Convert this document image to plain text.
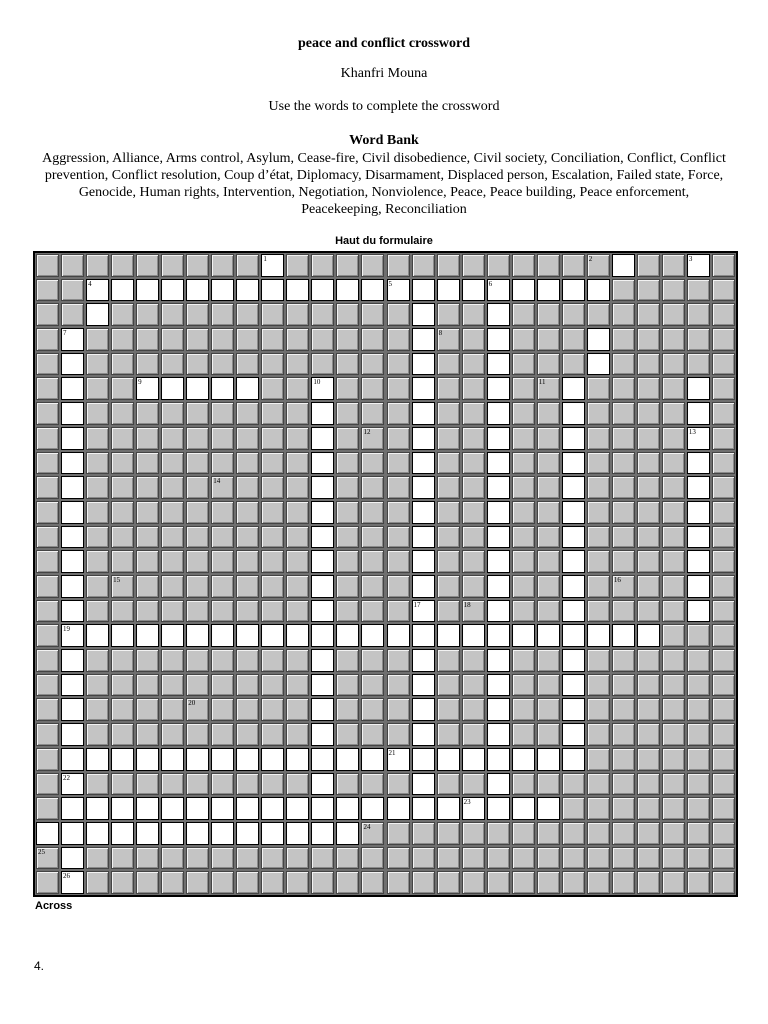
peace and conflict crossword
Khanfri Mouna
Use the words to complete the crossword
Word Bank
Aggression, Alliance, Arms control, Asylum, Cease-fire, Civil disobedience, Civil society, Conciliation, Conflict, Conflict prevention, Conflict resolution, Coup d’état, Diplomacy, Disarmament, Displaced person, Escalation, Failed state, Force, Genocide, Human rights, Intervention, Negotiation, Nonviolence, Peace, Peace building, Peace enforcement, Peacekeeping, Reconciliation
Haut du formulaire
1	2	3
4	5	6
7	8
9	10	11
12	13
14
15	16
17	18
19
20
21
22
23
24
25
26
Across
4.
